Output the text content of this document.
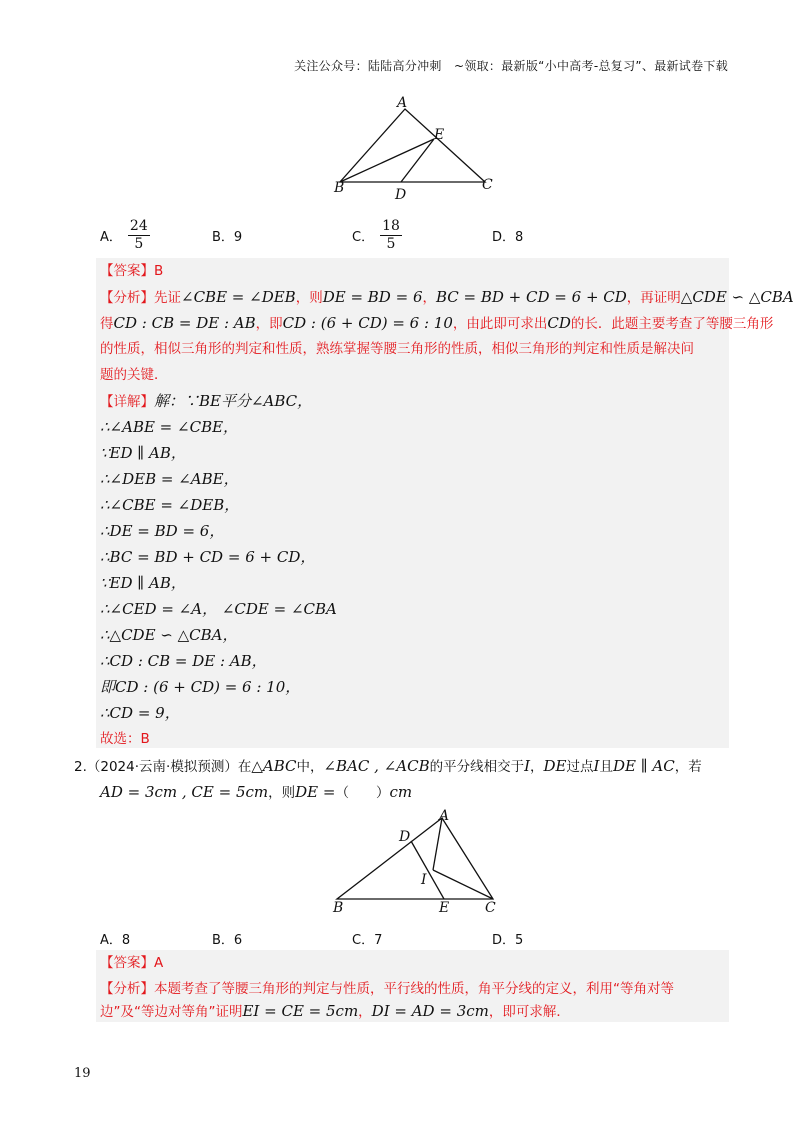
关注公众号：陆陆高分冲刺　~领取：最新版“小中高考-总复习”、最新试卷下载
A
E
B	D
C
A． $\frac{24}{5}$	B．9	C． $\frac{18}{5}$	D．8
【答案】B
【分析】先证∠CBE = ∠DEB，则DE = BD = 6，BC = BD + CD = 6 + CD，再证明△CDE ∽ △CBA
得CD : CB = DE : AB，即CD : (6 + CD) = 6 : 10，由此即可求出CD的长．此题主要考查了等腰三角形
的性质，相似三角形的判定和性质，熟练掌握等腰三角形的性质，相似三角形的判定和性质是解决问
题的关键．
【详解】解：∵BE平分∠ABC，
∴∠ABE = ∠CBE，
∵ED ∥ AB，
∴∠DEB = ∠ABE，
∴∠CBE = ∠DEB，
∴DE = BD = 6，
∴BC = BD + CD = 6 + CD，
∵ED ∥ AB，
∴∠CED = ∠A， ∠CDE = ∠CBA
∴△CDE ∽ △CBA，
∴CD : CB = DE : AB，
即CD : (6 + CD) = 6 : 10，
∴CD = 9，
故选：B
2.（2024·云南·模拟预测）在△ABC中，∠BAC , ∠ACB的平分线相交于I，DE过点I且DE ∥ AC，若
AD = 3cm , CE = 5cm，则DE =（　　）cm
A
D
I
B	E	C
A．8	B．6	C．7	D．5
【答案】A
【分析】本题考查了等腰三角形的判定与性质，平行线的性质，角平分线的定义，利用“等角对等
边”及“等边对等角”证明EI = CE = 5cm，DI = AD = 3cm，即可求解．
19
